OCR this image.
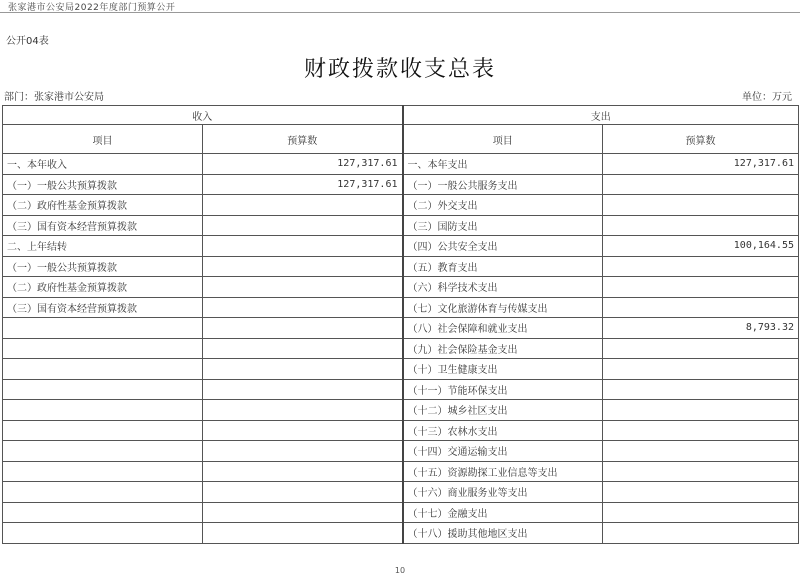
张家港市公安局2022年度部门预算公开
公开04表
财政拨款收支总表
部门：张家港市公安局	单位：万元
收入		支出	
项目	预算数	项目	预算数
一、本年收入	127,317.61	一、本年支出	127,317.61
（一）一般公共预算拨款	127,317.61	（一）一般公共服务支出	
（二）政府性基金预算拨款		（二）外交支出	
（三）国有资本经营预算拨款		（三）国防支出	
二、上年结转		（四）公共安全支出	100,164.55
（一）一般公共预算拨款		（五）教育支出	
（二）政府性基金预算拨款		（六）科学技术支出	
（三）国有资本经营预算拨款		（七）文化旅游体育与传媒支出	
		（八）社会保障和就业支出	8,793.32
		（九）社会保险基金支出	
		（十）卫生健康支出	
		（十一）节能环保支出	
		（十二）城乡社区支出	
		（十三）农林水支出	
		（十四）交通运输支出	
		（十五）资源勘探工业信息等支出	
		（十六）商业服务业等支出	
		（十七）金融支出	
		（十八）援助其他地区支出	
10
